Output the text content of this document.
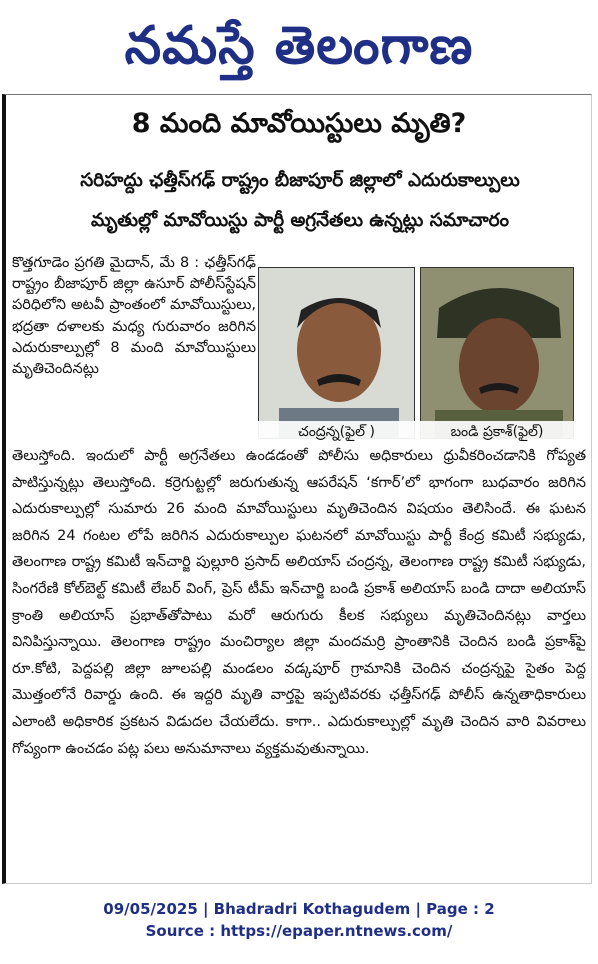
నమస్తే తెలంగాణ
8 మంది మావోయిస్టులు మృతి?
సరిహద్దు ఛత్తీస్‌గఢ్ రాష్ట్రం బీజాపూర్ జిల్లాలో ఎదురుకాల్పులు
మృతుల్లో మావోయిస్టు పార్టీ అగ్రనేతలు ఉన్నట్లు సమాచారం

కొత్తగూడెం ప్రగతి మైదాన్, మే 8 : ఛత్తీస్‌గఢ్ రాష్ట్రం బీజాపూర్ జిల్లా ఉసూర్ పోలీస్‌స్టేషన్ పరిధిలోని అటవీ ప్రాంతంలో మావోయిస్టులు, భద్రతా దళాలకు మధ్య గురువారం జరిగిన ఎదురుకాల్పుల్లో 8 మంది మావోయిస్టులు మృతిచెందినట్లు

చంద్రన్న(ఫైల్ )	బండి ప్రకాశ్(ఫైల్)

తెలుస్తోంది. ఇందులో పార్టీ అగ్రనేతలు ఉండడంతో పోలీసు అధికారులు ధ్రువీకరించడానికి గోప్యత పాటిస్తున్నట్లు తెలుస్తోంది. కర్రెగుట్టల్లో జరుగుతున్న ఆపరేషన్ ‘కగార్’లో భాగంగా బుధవారం జరిగిన ఎదురుకాల్పుల్లో సుమారు 26 మంది మావోయిస్టులు మృతిచెందిన విషయం తెలిసిందే. ఈ ఘటన జరిగిన 24 గంటల లోపే జరిగిన ఎదురుకాల్పుల ఘటనలో మావోయిస్టు పార్టీ కేంద్ర కమిటీ సభ్యుడు, తెలంగాణ రాష్ట్ర కమిటీ ఇన్‌చార్జి పుల్లూరి ప్రసాద్ అలియాస్ చంద్రన్న, తెలంగాణ రాష్ట్ర కమిటీ సభ్యుడు, సింగరేణి కోల్‌బెల్ట్ కమిటీ లేబర్ వింగ్, ప్రెస్ టీమ్ ఇన్‌చార్జి బండి ప్రకాశ్ అలియాస్ బండి దాదా అలియాస్ క్రాంతి అలియాస్ ప్రభాత్‌తోపాటు మరో ఆరుగురు కీలక సభ్యులు మృతిచెందినట్లు వార్తలు వినిపిస్తున్నాయి. తెలంగాణ రాష్ట్రం మంచిర్యాల జిల్లా మందమర్రి ప్రాంతానికి చెందిన బండి ప్రకాశ్‌పై రూ.కోటి, పెద్దపల్లి జిల్లా జూలపల్లి మండలం వడ్కపూర్ గ్రామానికి చెందిన చంద్రన్నపై సైతం పెద్ద మొత్తంలోనే రివార్డు ఉంది. ఈ ఇద్దరి మృతి వార్తపై ఇప్పటివరకు ఛత్తీస్‌గఢ్ పోలీస్ ఉన్నతాధికారులు ఎలాంటి అధికారిక ప్రకటన విడుదల చేయలేదు. కాగా.. ఎదురుకాల్పుల్లో మృతి చెందిన వారి వివరాలు గోప్యంగా ఉంచడం పట్ల పలు అనుమానాలు వ్యక్తమవుతున్నాయి.

09/05/2025 | Bhadradri Kothagudem | Page : 2
Source : https://epaper.ntnews.com/
